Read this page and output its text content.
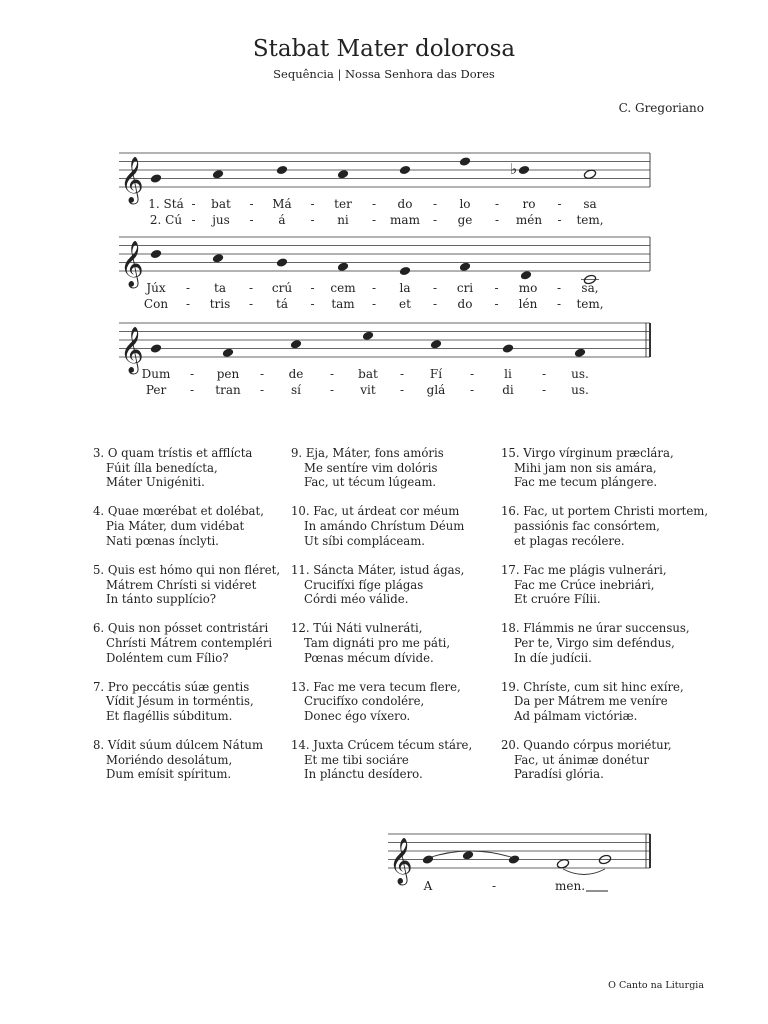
Stabat Mater dolorosa
Sequência | Nossa Senhora das Dores
C. Gregoriano
♭
1. Stá bat	Má	ter	do	lo	ro	sa
2. Cú	jus	á	ni	mam	ge	mén	tem,
-	-	-	-	-	-	-
-	-	-	-	-	-	-
𝄞
Júx	ta	crú	cem	la	cri	mo	sa,
Con	tris	tá	tam	et	do	lén	tem,
-	-	-	-	-	-	-
-	-	-	-	-	-	-
𝄞
Dum	pen	de	bat	Fí	li	us.
Per	tran	sí	vit	glá	di	us.
-	-	-	-	-	-
-	-	-	-	-	-
𝄞
A	-	men.
𝄞
3. O quam trístis et afflícta
Fúit ílla benedícta,
Máter Unigéniti.
4. Quae mœrébat et dolébat,
Pia Máter, dum vidébat
Nati pœnas ínclyti.
5. Quis est hómo qui non fléret,
Mátrem Chrísti si vidéret
In tánto supplício?
6. Quis non pósset contristári
Chrísti Mátrem contempléri
Doléntem cum Fílio?
7. Pro peccátis súæ gentis
Vídit Jésum in torméntis,
Et flagéllis súbditum.
8. Vídit súum dúlcem Nátum
Moriéndo desolátum,
Dum emísit spíritum.
9. Eja, Máter, fons amóris
Me sentíre vim dolóris
Fac, ut técum lúgeam.
10. Fac, ut árdeat cor méum
In amándo Chrístum Déum
Ut síbi compláceam.
11. Sáncta Máter, istud ágas,
Crucifíxi fíge plágas
Córdi méo válide.
12. Túi Náti vulneráti,
Tam dignáti pro me páti,
Pœnas mécum dívide.
13. Fac me vera tecum flere,
Crucifíxo condolére,
Donec égo víxero.
14. Juxta Crúcem técum stáre,
Et me tibi sociáre
In plánctu desídero.
15. Virgo vírginum præclára,
Mihi jam non sis amára,
Fac me tecum plángere.
16. Fac, ut portem Christi mortem,
passiónis fac consórtem,
et plagas recólere.
17. Fac me plágis vulnerári,
Fac me Crúce inebriári,
Et cruóre Fílii.
18. Flámmis ne úrar succensus,
Per te, Virgo sim deféndus,
In díe judícii.
19. Chríste, cum sit hinc exíre,
Da per Mátrem me veníre
Ad pálmam victóriæ.
20. Quando córpus moriétur,
Fac, ut ánimæ donétur
Paradísi glória.
O Canto na Liturgia
